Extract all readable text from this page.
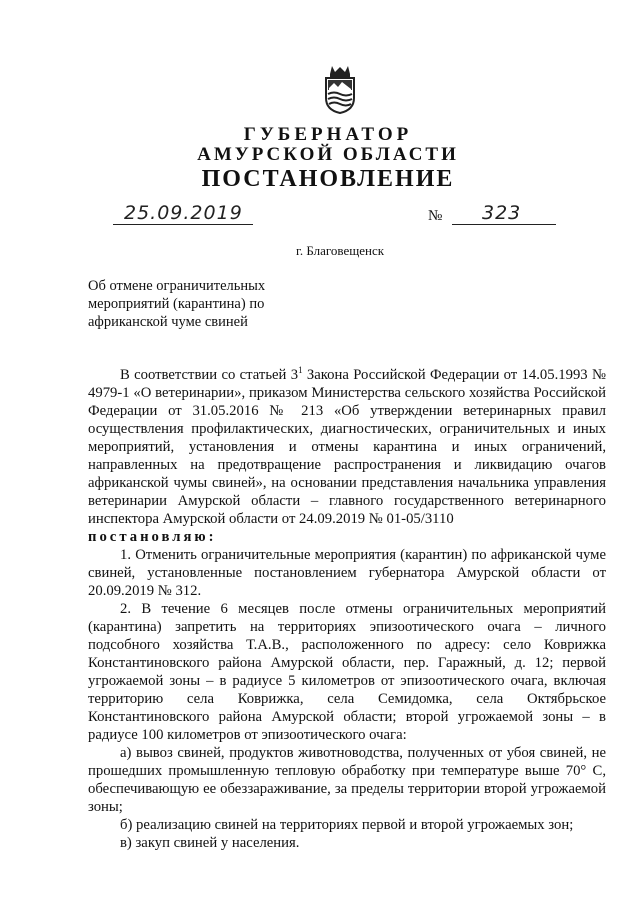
ГУБЕРНАТОР
АМУРСКОЙ ОБЛАСТИ
ПОСТАНОВЛЕНИЕ
25.09.2019	№ 323
г. Благовещенск
Об отмене ограничительных мероприятий (карантина) по африканской чуме свиней

В соответствии со статьей $3^1$ Закона Российской Федерации от 14.05.1993 № 4979-1 «О ветеринарии», приказом Министерства сельского хозяйства Российской Федерации от 31.05.2016 № 213 «Об утверждении ветеринарных правил осуществления профилактических, диагностических, ограничительных и иных мероприятий, установления и отмены карантина и иных ограничений, направленных на предотвращение распространения и ликвидацию очагов африканской чумы свиней», на основании представления начальника управления ветеринарии Амурской области – главного государственного ветеринарного инспектора Амурской области от 24.09.2019 № 01-05/3110

постановляю:

1. Отменить ограничительные мероприятия (карантин) по африканской чуме свиней, установленные постановлением губернатора Амурской области от 20.09.2019 № 312.

2. В течение 6 месяцев после отмены ограничительных мероприятий (карантина) запретить на территориях эпизоотического очага – личного подсобного хозяйства Т.А.В., расположенного по адресу: село Коврижка Константиновского района Амурской области, пер. Гаражный, д. 12; первой угрожаемой зоны – в радиусе 5 километров от эпизоотического очага, включая территорию села Коврижка, села Семидомка, села Октябрьское Константиновского района Амурской области; второй угрожаемой зоны – в радиусе 100 километров от эпизоотического очага:

а) вывоз свиней, продуктов животноводства, полученных от убоя свиней, не прошедших промышленную тепловую обработку при температуре выше 70° С, обеспечивающую ее обеззараживание, за пределы территории второй угрожаемой зоны;

б) реализацию свиней на территориях первой и второй угрожаемых зон;

в) закуп свиней у населения.
